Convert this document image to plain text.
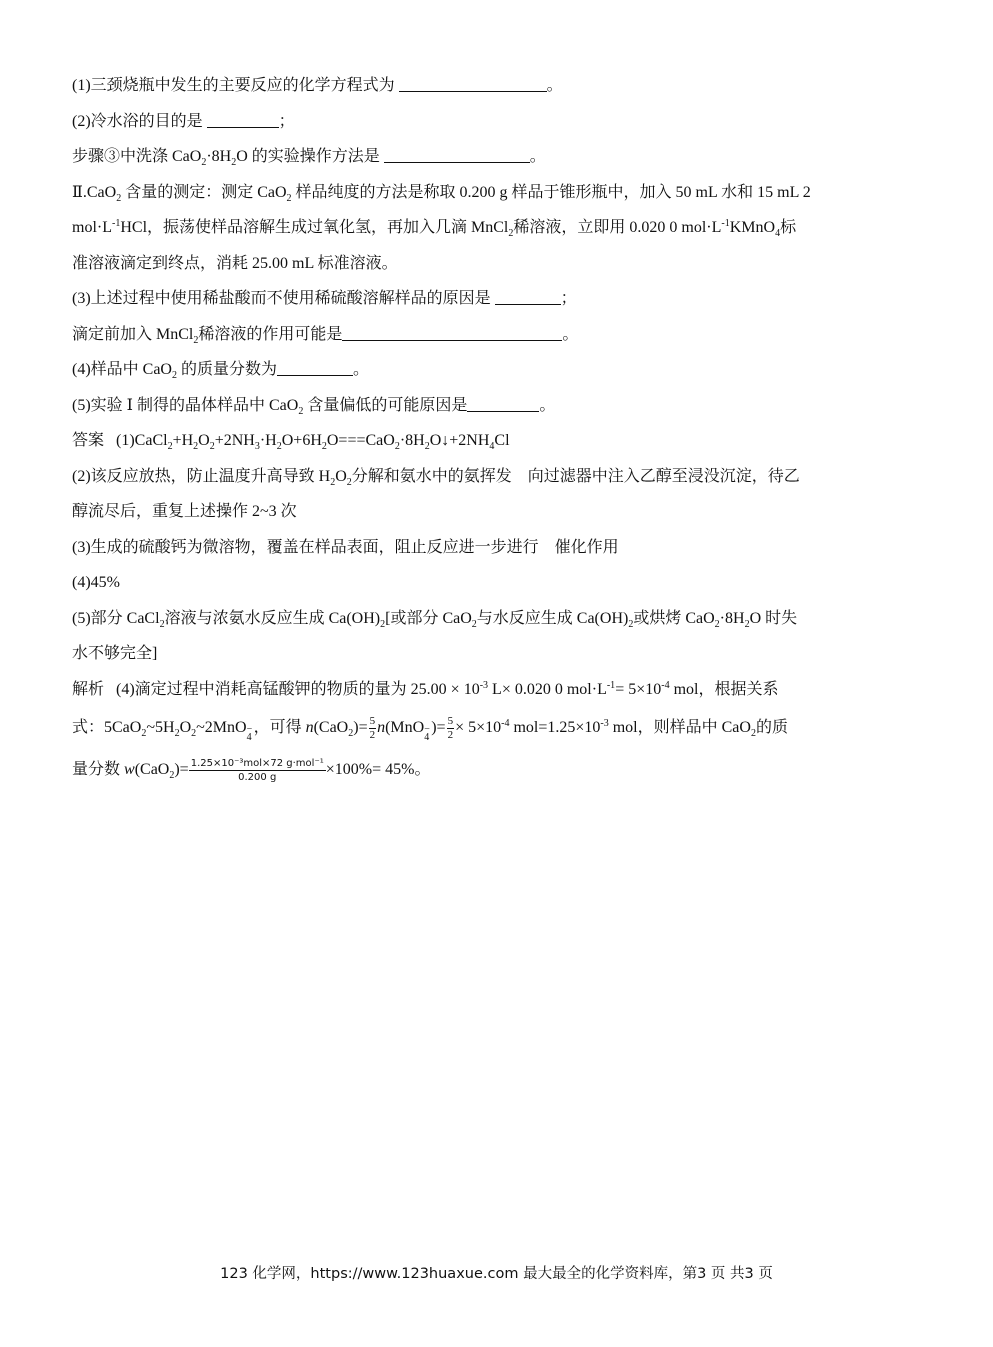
(1)三颈烧瓶中发生的主要反应的化学方程式为	。
(2)冷水浴的目的是	；
步骤③中洗涤 $CaO_2\cdot 8H_2O$ 的实验操作方法是	。
Ⅱ.CaO$_2$ 含量的测定：测定 CaO$_2$ 样品纯度的方法是称取 0.200 g 样品于锥形瓶中，加入 50 mL 水和 15 mL 2
$mol\cdot L^{-1}HCl$，振荡使样品溶解生成过氧化氢，再加入几滴 MnCl$_2$稀溶液，立即用 0.020 0 $mol\cdot L^{-1}KMnO_4$标
准溶液滴定到终点，消耗 25.00 mL 标准溶液。
(3)上述过程中使用稀盐酸而不使用稀硫酸溶解样品的原因是	；
滴定前加入 MnCl$_2$稀溶液的作用可能是	。
(4)样品中 CaO$_2$ 的质量分数为	。
(5)实验 Ⅰ 制得的晶体样品中 CaO$_2$ 含量偏低的可能原因是	。
答案 $(1)CaCl_2+H_2O_2+2NH_3\cdot H_2O+6H_2O===CaO_2\cdot 8H_2O↓+2NH_4Cl$
(2)该反应放热，防止温度升高导致 $H_2O_2$分解和氨水中的氨挥发　向过滤器中注入乙醇至浸没沉淀，待乙
醇流尽后，重复上述操作 2~3 次
(3)生成的硫酸钙为微溶物，覆盖在样品表面，阻止反应进一步进行　催化作用
(4)45%
(5)部分 CaCl$_2$溶液与浓氨水反应生成 $Ca(OH)_2$[或部分 CaO$_2$与水反应生成 $Ca(OH)_2$或烘烤 $CaO_2\cdot 8H_2O$ 时失
水不够完全]
解析 (4)滴定过程中消耗高锰酸钾的物质的量为 $25.00 \times 10^{-3}$ L× 0.020 0 $mol\cdot L^{-1}= 5\times 10^{-4}$ mol，根据关系
式：$5CaO_2\sim 5H_2O_2\sim 2MnO$ −
4
，可得 $n(CaO_2)= \frac{5}{2} n(MnO$ −
4
)= $\frac{5}{2} \times 5\times 10^{-4}$ $mol=1.25\times 10^{-3}$ mol，则样品中 CaO$_2$的质
量分数 $w(CaO_2)= \frac{\text{1.25×10⁻³mol×72 g·mol⁻¹}}{0.200 g} \times 100\%= 45\%$。
123 化学网，https://www.123huaxue.com 最大最全的化学资料库，第3 页 共3 页
